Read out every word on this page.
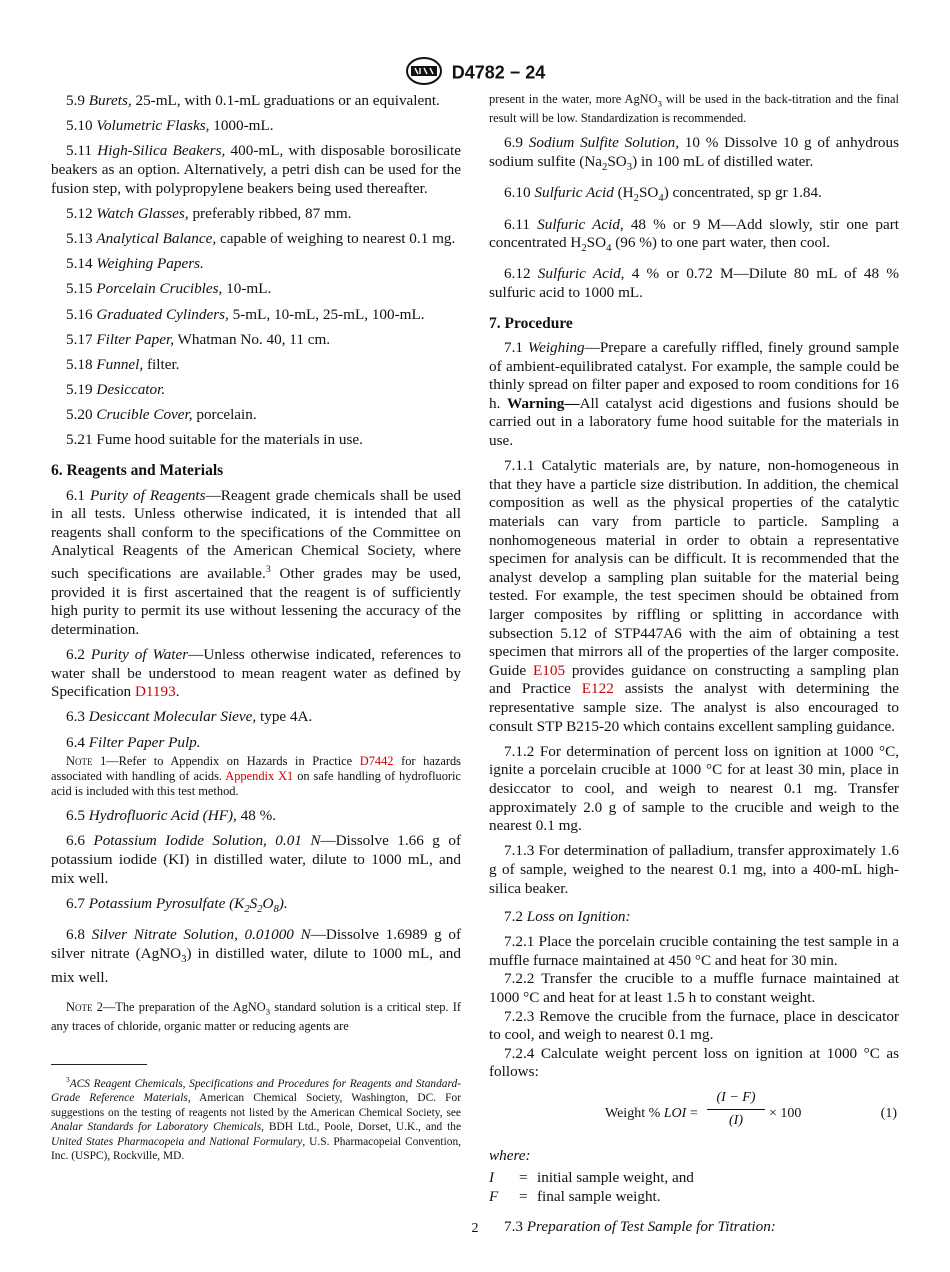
D4782 − 24

5.9 Burets, 25-mL, with 0.1-mL graduations or an equivalent.

5.10 Volumetric Flasks, 1000-mL.

5.11 High-Silica Beakers, 400-mL, with disposable borosilicate beakers as an option. Alternatively, a petri dish can be used for the fusion step, with polypropylene beakers being used thereafter.

5.12 Watch Glasses, preferably ribbed, 87 mm.

5.13 Analytical Balance, capable of weighing to nearest 0.1 mg.

5.14 Weighing Papers.

5.15 Porcelain Crucibles, 10-mL.

5.16 Graduated Cylinders, 5-mL, 10-mL, 25-mL, 100-mL.

5.17 Filter Paper, Whatman No. 40, 11 cm.

5.18 Funnel, filter.

5.19 Desiccator.

5.20 Crucible Cover, porcelain.

5.21 Fume hood suitable for the materials in use.

6. Reagents and Materials

6.1 Purity of Reagents—Reagent grade chemicals shall be used in all tests. Unless otherwise indicated, it is intended that all reagents shall conform to the specifications of the Committee on Analytical Reagents of the American Chemical Society, where such specifications are available.$^3$ Other grades may be used, provided it is first ascertained that the reagent is of sufficiently high purity to permit its use without lessening the accuracy of the determination.

6.2 Purity of Water—Unless otherwise indicated, references to water shall be understood to mean reagent water as defined by Specification D1193.

6.3 Desiccant Molecular Sieve, type 4A.

6.4 Filter Paper Pulp.

Note 1—Refer to Appendix on Hazards in Practice D7442 for hazards associated with handling of acids. Appendix X1 on safe handling of hydrofluoric acid is included with this test method.

6.5 Hydrofluoric Acid (HF), 48 %.

6.6 Potassium Iodide Solution, 0.01 N—Dissolve 1.66 g of potassium iodide (KI) in distilled water, dilute to 1000 mL, and mix well.

6.7 Potassium Pyrosulfate $(K_2S_2O_8)$.

6.8 Silver Nitrate Solution, 0.01000 N—Dissolve 1.6989 g of silver nitrate (AgNO$_3$) in distilled water, dilute to 1000 mL, and mix well.

Note 2—The preparation of the AgNO$_3$ standard solution is a critical step. If any traces of chloride, organic matter or reducing agents are
$^3$ACS Reagent Chemicals, Specifications and Procedures for Reagents and Standard-Grade Reference Materials, American Chemical Society, Washington, DC. For suggestions on the testing of reagents not listed by the American Chemical Society, see Analar Standards for Laboratory Chemicals, BDH Ltd., Poole, Dorset, U.K., and the United States Pharmacopeia and National Formulary, U.S. Pharmacopeial Convention, Inc. (USPC), Rockville, MD.
present in the water, more AgNO$_3$ will be used in the back-titration and the final result will be low. Standardization is recommended.

6.9 Sodium Sulfite Solution, 10 % Dissolve 10 g of anhydrous sodium sulfite $(Na_2SO_3)$ in 100 mL of distilled water.

6.10 Sulfuric Acid $(H_2SO_4)$ concentrated, sp gr 1.84.

6.11 Sulfuric Acid, 48 % or 9 M—Add slowly, stir one part concentrated $H_2SO_4$ (96 %) to one part water, then cool.

6.12 Sulfuric Acid, 4 % or 0.72 M—Dilute 80 mL of 48 % sulfuric acid to 1000 mL.

7. Procedure

7.1 Weighing—Prepare a carefully riffled, finely ground sample of ambient-equilibrated catalyst. For example, the sample could be thinly spread on filter paper and exposed to room conditions for 16 h. Warning—All catalyst acid digestions and fusions should be carried out in a laboratory fume hood suitable for the materials in use.

7.1.1 Catalytic materials are, by nature, non-homogeneous in that they have a particle size distribution. In addition, the chemical composition as well as the physical properties of the catalytic materials can vary from particle to particle. Sampling a nonhomogeneous material in order to obtain a representative specimen for analysis can be difficult. It is recommended that the analyst develop a sampling plan suitable for the material being tested. For example, the test specimen should be obtained from larger composites by riffling or splitting in accordance with subsection 5.12 of STP447A6 with the aim of obtaining a test specimen that mirrors all of the properties of the larger composite. Guide E105 provides guidance on constructing a sampling plan and Practice E122 assists the analyst with determining the representative sample size. The analyst is also encouraged to consult STP B215-20 which contains excellent sampling guidance.

7.1.2 For determination of percent loss on ignition at 1000 °C, ignite a porcelain crucible at 1000 °C for at least 30 min, place in desiccator to cool, and weigh to nearest 0.1 mg. Transfer approximately 2.0 g of sample to the crucible and weigh to the nearest 0.1 mg.

7.1.3 For determination of palladium, transfer approximately 1.6 g of sample, weighed to the nearest 0.1 mg, into a 400-mL high-silica beaker.

7.2 Loss on Ignition:

7.2.1 Place the porcelain crucible containing the test sample in a muffle furnace maintained at 450 °C and heat for 30 min.

7.2.2 Transfer the crucible to a muffle furnace maintained at 1000 °C and heat for at least 1.5 h to constant weight.

7.2.3 Remove the crucible from the furnace, place in descicator to cool, and weigh to nearest 0.1 mg.

7.2.4 Calculate weight percent loss on ignition at 1000 °C as follows:

Weight % LOI = $\frac{(I - F)}{(I)} \times 100$	(1)
where:
I	= initial sample weight, and
F	= final sample weight.

7.3 Preparation of Test Sample for Titration:

2
